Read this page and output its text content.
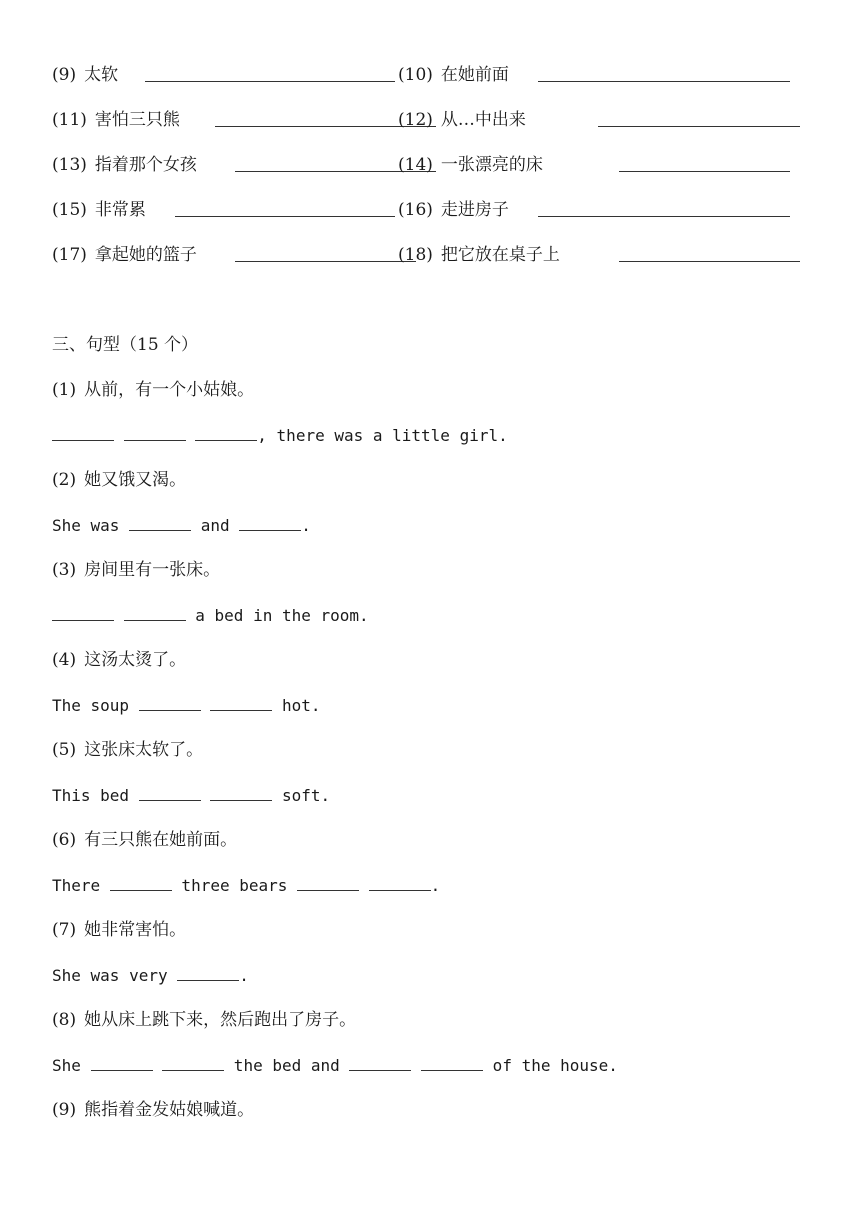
(9) 太软	(10) 在她前面
(11) 害怕三只熊	(12) 从…中出来
(13) 指着那个女孩	(14) 一张漂亮的床
(15) 非常累	(16) 走进房子
(17) 拿起她的篮子	(18) 把它放在桌子上
三、句型（15 个）
(1) 从前，有一个小姑娘。
, there was a little girl.
(2) 她又饿又渴。
She was	and	.
(3) 房间里有一张床。
a bed in the room.
(4) 这汤太烫了。
The soup	hot.
(5) 这张床太软了。
This bed	soft.
(6) 有三只熊在她前面。
There	three bears	.
(7) 她非常害怕。
She was very	.
(8) 她从床上跳下来，然后跑出了房子。
She	the bed and	of the house.
(9) 熊指着金发姑娘喊道。
